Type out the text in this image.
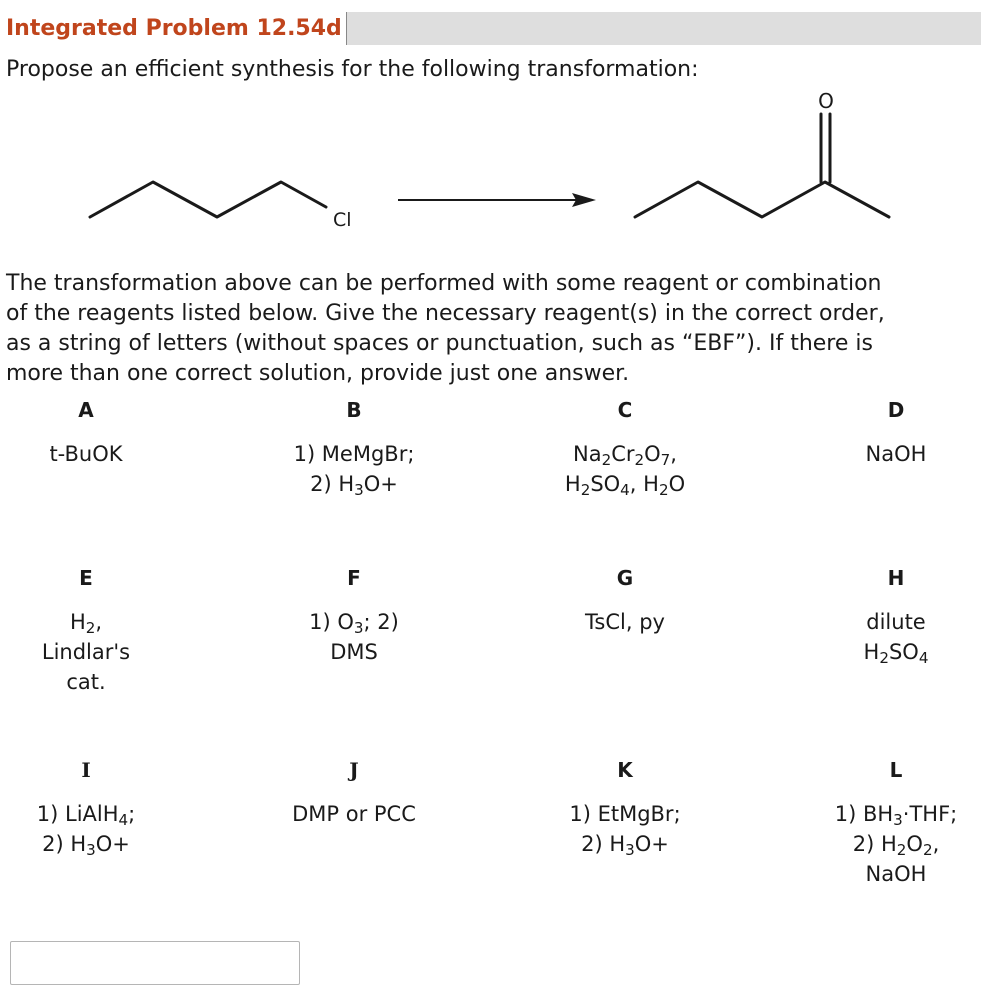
Integrated Problem 12.54d
Propose an efficient synthesis for the following transformation:
Cl
O

The transformation above can be performed with some reagent or combination

of the reagents listed below. Give the necessary reagent(s) in the correct order,

as a string of letters (without spaces or punctuation, such as “EBF”). If there is

more than one correct solution, provide just one answer.

A
t-BuOK
B
1) MeMgBr;
2) $H_3O+$
C
$Na_2Cr_2O_7$,
$H_2SO_4$, $H_2O$
D
NaOH
E
$H_2$,
Lindlar's
cat.
F
1) $O_3$; 2)
DMS
G
TsCl, py
H
dilute
$H_2SO_4$
I
1) LiAlH$_4$;
2) $H_3O+$
J
DMP or PCC
K
1) EtMgBr;
2) $H_3O+$
L
1) $BH_3\cdot THF$;
2) $H_2O_2$,
NaOH
